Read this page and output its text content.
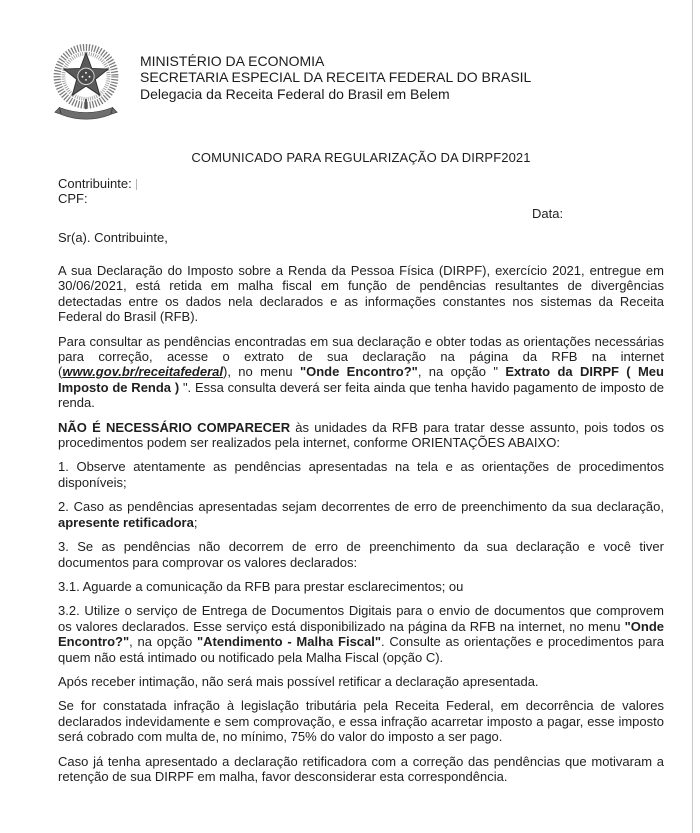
MINISTÉRIO DA ECONOMIA
SECRETARIA ESPECIAL DA RECEITA FEDERAL DO BRASIL
Delegacia da Receita Federal do Brasil em Belem
COMUNICADO PARA REGULARIZAÇÃO DA DIRPF2021
Contribuinte:
CPF:
Data:
Sr(a). Contribuinte,

A sua Declaração do Imposto sobre a Renda da Pessoa Física (DIRPF), exercício 2021, entregue em 30/06/2021, está retida em malha fiscal em função de pendências resultantes de divergências detectadas entre os dados nela declarados e as informações constantes nos sistemas da Receita Federal do Brasil (RFB).

Para consultar as pendências encontradas em sua declaração e obter todas as orientações necessárias para correção, acesse o extrato de sua declaração na página da RFB na internet (www.gov.br/receitafederal), no menu "Onde Encontro?", na opção " Extrato da DIRPF ( Meu Imposto de Renda ) ". Essa consulta deverá ser feita ainda que tenha havido pagamento de imposto de renda.

NÃO É NECESSÁRIO COMPARECER às unidades da RFB para tratar desse assunto, pois todos os procedimentos podem ser realizados pela internet, conforme ORIENTAÇÕES ABAIXO:

1. Observe atentamente as pendências apresentadas na tela e as orientações de procedimentos disponíveis;

2. Caso as pendências apresentadas sejam decorrentes de erro de preenchimento da sua declaração, apresente retificadora;

3. Se as pendências não decorrem de erro de preenchimento da sua declaração e você tiver documentos para comprovar os valores declarados:

3.1. Aguarde a comunicação da RFB para prestar esclarecimentos; ou

3.2. Utilize o serviço de Entrega de Documentos Digitais para o envio de documentos que comprovem os valores declarados. Esse serviço está disponibilizado na página da RFB na internet, no menu "Onde Encontro?", na opção "Atendimento - Malha Fiscal". Consulte as orientações e procedimentos para quem não está intimado ou notificado pela Malha Fiscal (opção C).

Após receber intimação, não será mais possível retificar a declaração apresentada.

Se for constatada infração à legislação tributária pela Receita Federal, em decorrência de valores declarados indevidamente e sem comprovação, e essa infração acarretar imposto a pagar, esse imposto será cobrado com multa de, no mínimo, 75% do valor do imposto a ser pago.

Caso já tenha apresentado a declaração retificadora com a correção das pendências que motivaram a retenção de sua DIRPF em malha, favor desconsiderar esta correspondência.
